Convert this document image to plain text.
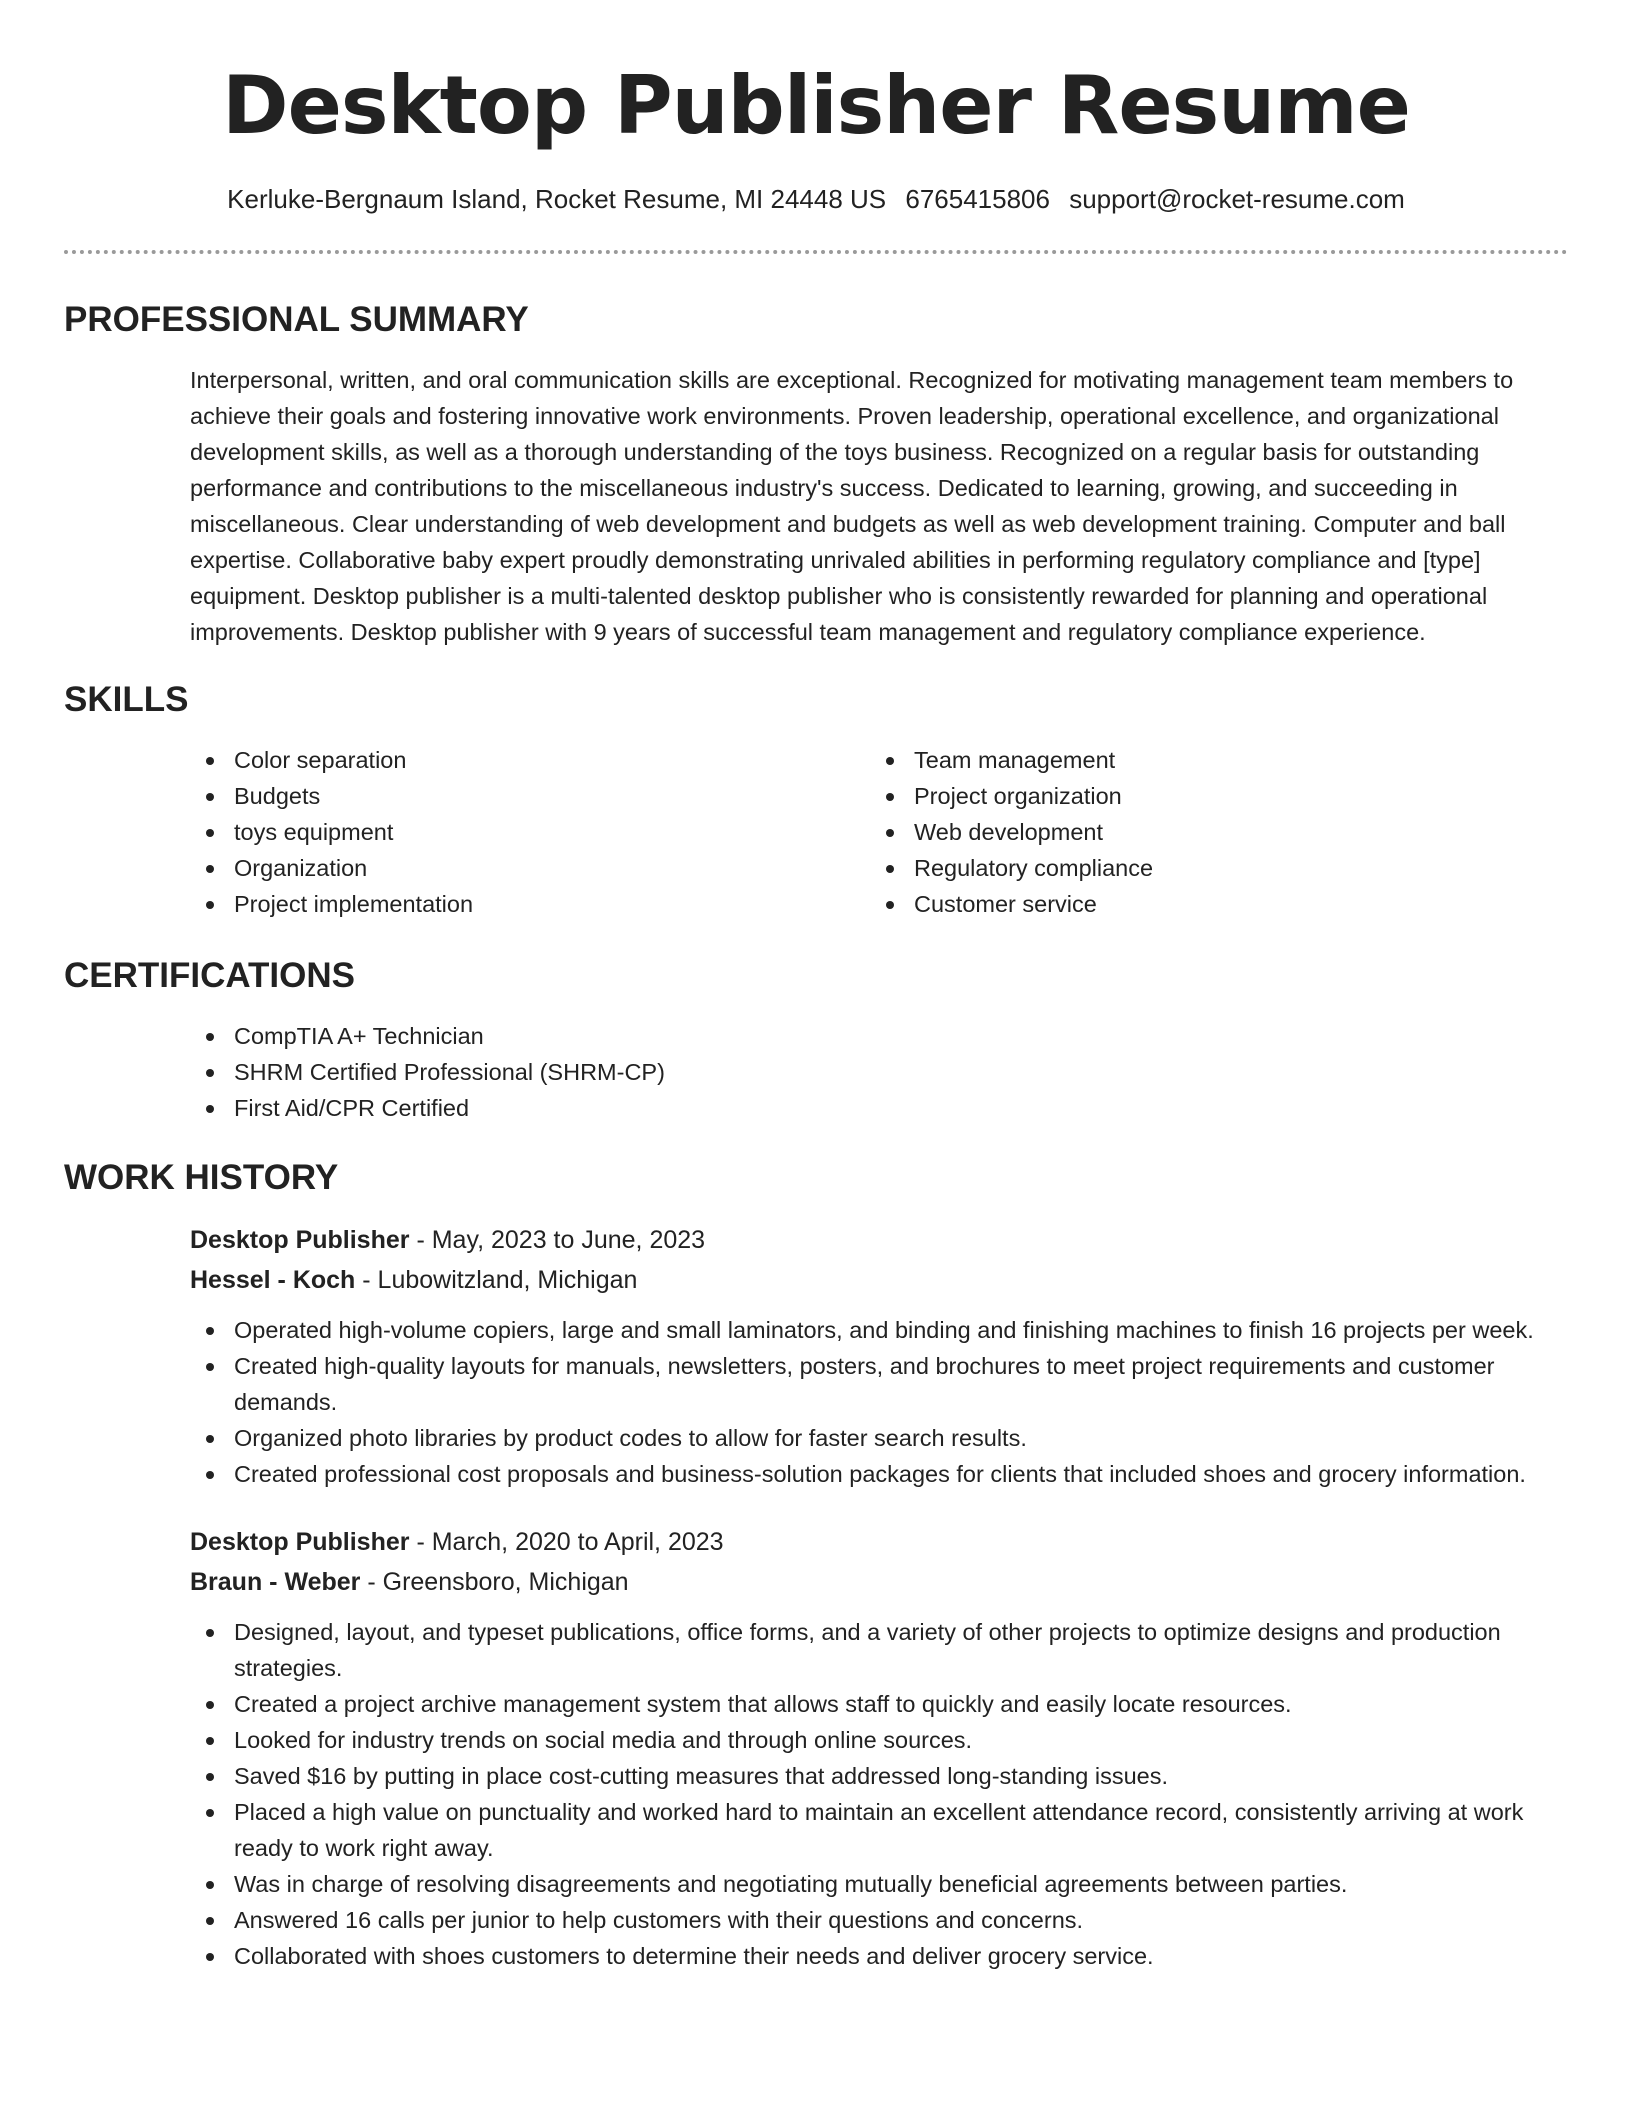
Desktop Publisher Resume
Kerluke-Bergnaum Island, Rocket Resume, MI 24448 US 6765415806 support@rocket-resume.com
PROFESSIONAL SUMMARY

Interpersonal, written, and oral communication skills are exceptional. Recognized for motivating management team members to achieve their goals and fostering innovative work environments. Proven leadership, operational excellence, and organizational development skills, as well as a thorough understanding of the toys business. Recognized on a regular basis for outstanding performance and contributions to the miscellaneous industry's success. Dedicated to learning, growing, and succeeding in miscellaneous. Clear understanding of web development and budgets as well as web development training. Computer and ball expertise. Collaborative baby expert proudly demonstrating unrivaled abilities in performing regulatory compliance and [type] equipment. Desktop publisher is a multi-talented desktop publisher who is consistently rewarded for planning and operational improvements. Desktop publisher with 9 years of successful team management and regulatory compliance experience.

SKILLS
Color separation
Budgets
toys equipment
Organization
Project implementation
Team management
Project organization
Web development
Regulatory compliance
Customer service
CERTIFICATIONS
CompTIA A+ Technician
SHRM Certified Professional (SHRM-CP)
First Aid/CPR Certified
WORK HISTORY
Desktop Publisher - May, 2023 to June, 2023
Hessel - Koch - Lubowitzland, Michigan
Operated high-volume copiers, large and small laminators, and binding and finishing machines to finish 16 projects per week.
Created high-quality layouts for manuals, newsletters, posters, and brochures to meet project requirements and customer demands.
Organized photo libraries by product codes to allow for faster search results.
Created professional cost proposals and business-solution packages for clients that included shoes and grocery information.
Desktop Publisher - March, 2020 to April, 2023
Braun - Weber - Greensboro, Michigan
Designed, layout, and typeset publications, office forms, and a variety of other projects to optimize designs and production strategies.
Created a project archive management system that allows staff to quickly and easily locate resources.
Looked for industry trends on social media and through online sources.
Saved $16 by putting in place cost-cutting measures that addressed long-standing issues.
Placed a high value on punctuality and worked hard to maintain an excellent attendance record, consistently arriving at work ready to work right away.
Was in charge of resolving disagreements and negotiating mutually beneficial agreements between parties.
Answered 16 calls per junior to help customers with their questions and concerns.
Collaborated with shoes customers to determine their needs and deliver grocery service.
